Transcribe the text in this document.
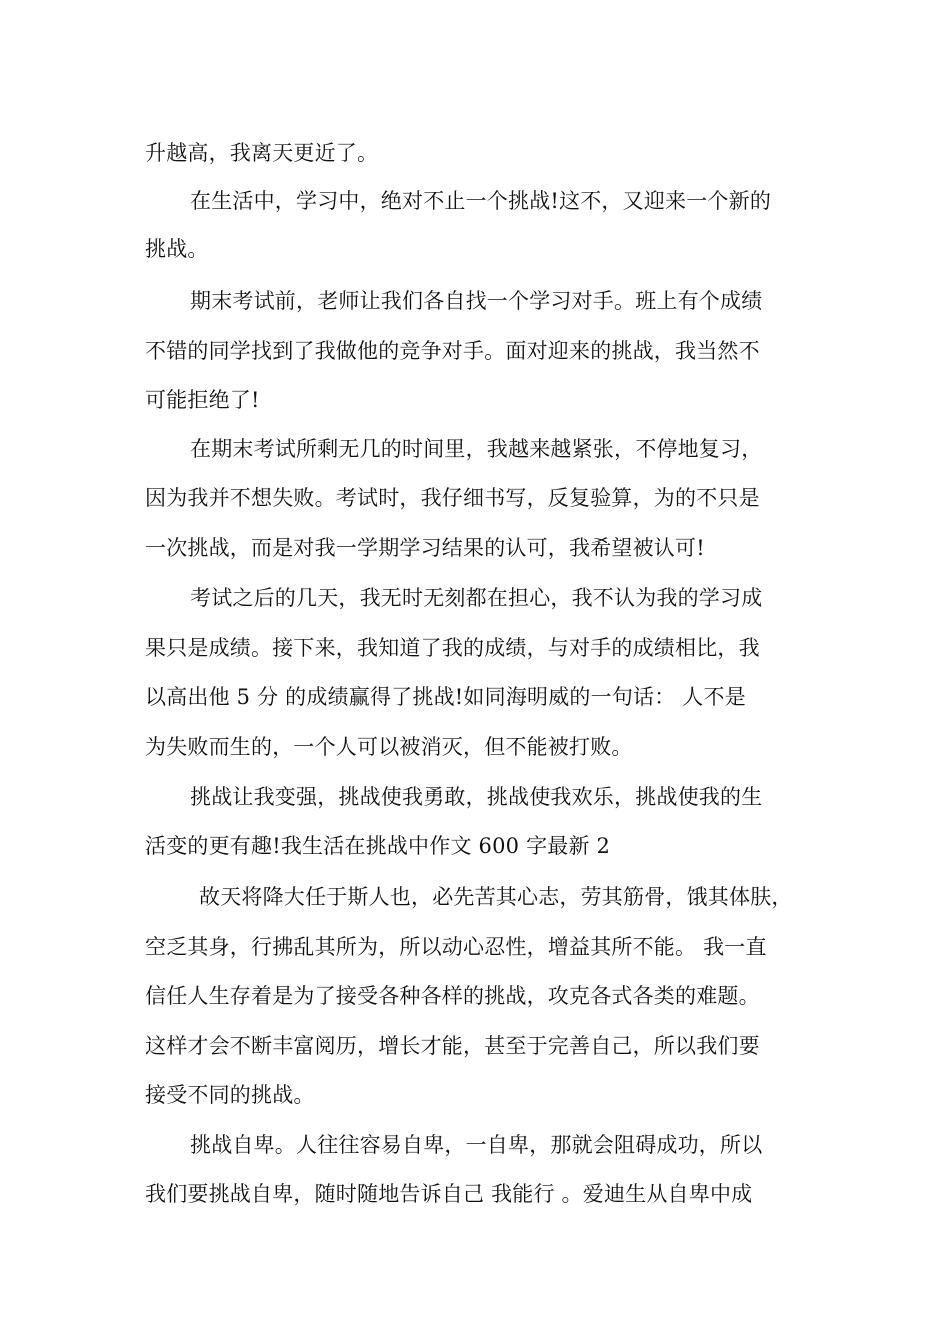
升越高，我离天更近了。
在生活中，学习中，绝对不止一个挑战!这不，又迎来一个新的
挑战。
期末考试前，老师让我们各自找一个学习对手。班上有个成绩
不错的同学找到了我做他的竞争对手。面对迎来的挑战，我当然不
可能拒绝了!
在期末考试所剩无几的时间里，我越来越紧张，不停地复习，
因为我并不想失败。考试时，我仔细书写，反复验算，为的不只是
一次挑战，而是对我一学期学习结果的认可，我希望被认可!
考试之后的几天，我无时无刻都在担心，我不认为我的学习成
果只是成绩。接下来，我知道了我的成绩，与对手的成绩相比，我
以高出他 5 分 的成绩赢得了挑战!如同海明威的一句话： 人不是
为失败而生的，一个人可以被消灭，但不能被打败。
挑战让我变强，挑战使我勇敢，挑战使我欢乐，挑战使我的生
活变的更有趣!我生活在挑战中作文 600 字最新 2
故天将降大任于斯人也，必先苦其心志，劳其筋骨，饿其体肤，
空乏其身，行拂乱其所为，所以动心忍性，增益其所不能。 我一直
信任人生存着是为了接受各种各样的挑战，攻克各式各类的难题。
这样才会不断丰富阅历，增长才能，甚至于完善自己，所以我们要
接受不同的挑战。
挑战自卑。人往往容易自卑，一自卑，那就会阻碍成功，所以
我们要挑战自卑，随时随地告诉自己 我能行 。爱迪生从自卑中成
